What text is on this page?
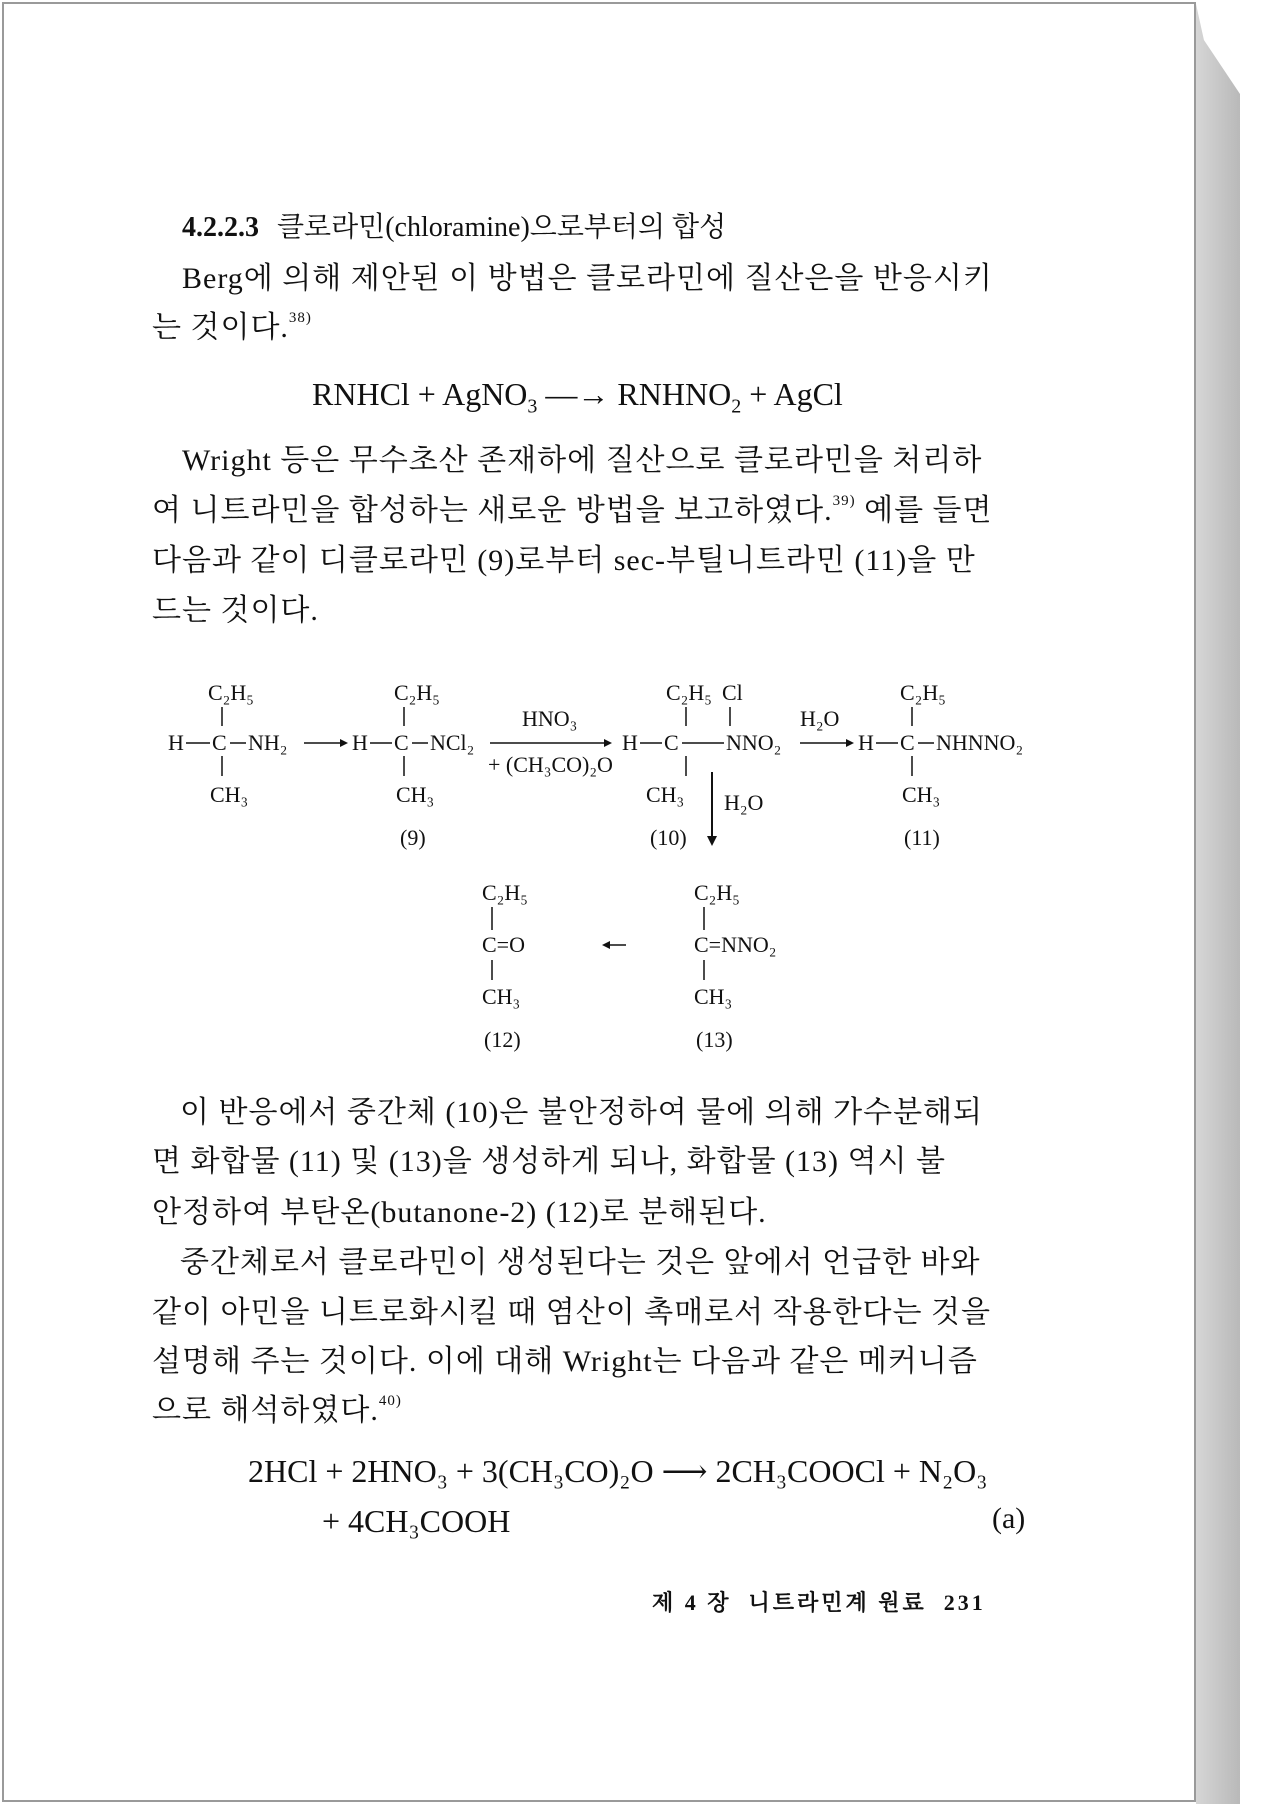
4.2.2.3 클로라민(chloramine)으로부터의 합성
Berg에 의해 제안된 이 방법은 클로라민에 질산은을 반응시키
는 것이다.$^{38)}$
RNHCl + AgNO$_3$ —→ $RNHNO_2$ + AgCl
Wright 등은 무수초산 존재하에 질산으로 클로라민을 처리하
여 니트라민을 합성하는 새로운 방법을 보고하였다.$^{39)}$ 예를 들면
다음과 같이 디클로라민 (9)로부터 sec-부틸니트라민 (11)을 만
드는 것이다.
C₂H₅
H C NH₂
CH₃
C₂H₅
H C NCl₂
CH₃
(9)
HNO₃
+ (CH₃CO)₂O
C₂H₅ Cl
H C NNO₂
CH₃
(10)
H₂O
C₂H₅
H C NHNNO₂
CH₃
(11)
H₂O
C₂H₅
C=O
CH₃
(12)
C₂H₅
C=NNO₂
CH₃
(13)
이 반응에서 중간체 (10)은 불안정하여 물에 의해 가수분해되
면 화합물 (11) 및 (13)을 생성하게 되나, 화합물 (13) 역시 불
안정하여 부탄온(butanone-2) (12)로 분해된다.
중간체로서 클로라민이 생성된다는 것은 앞에서 언급한 바와
같이 아민을 니트로화시킬 때 염산이 촉매로서 작용한다는 것을
설명해 주는 것이다. 이에 대해 Wright는 다음과 같은 메커니즘
으로 해석하였다.$^{40)}$
2HCl + 2HNO₃ + 3(CH₃CO)₂O ⟶ 2CH₃COOCl + N₂O₃
+ 4CH₃COOH	(a)
제 4 장 니트라민계 원료 231
